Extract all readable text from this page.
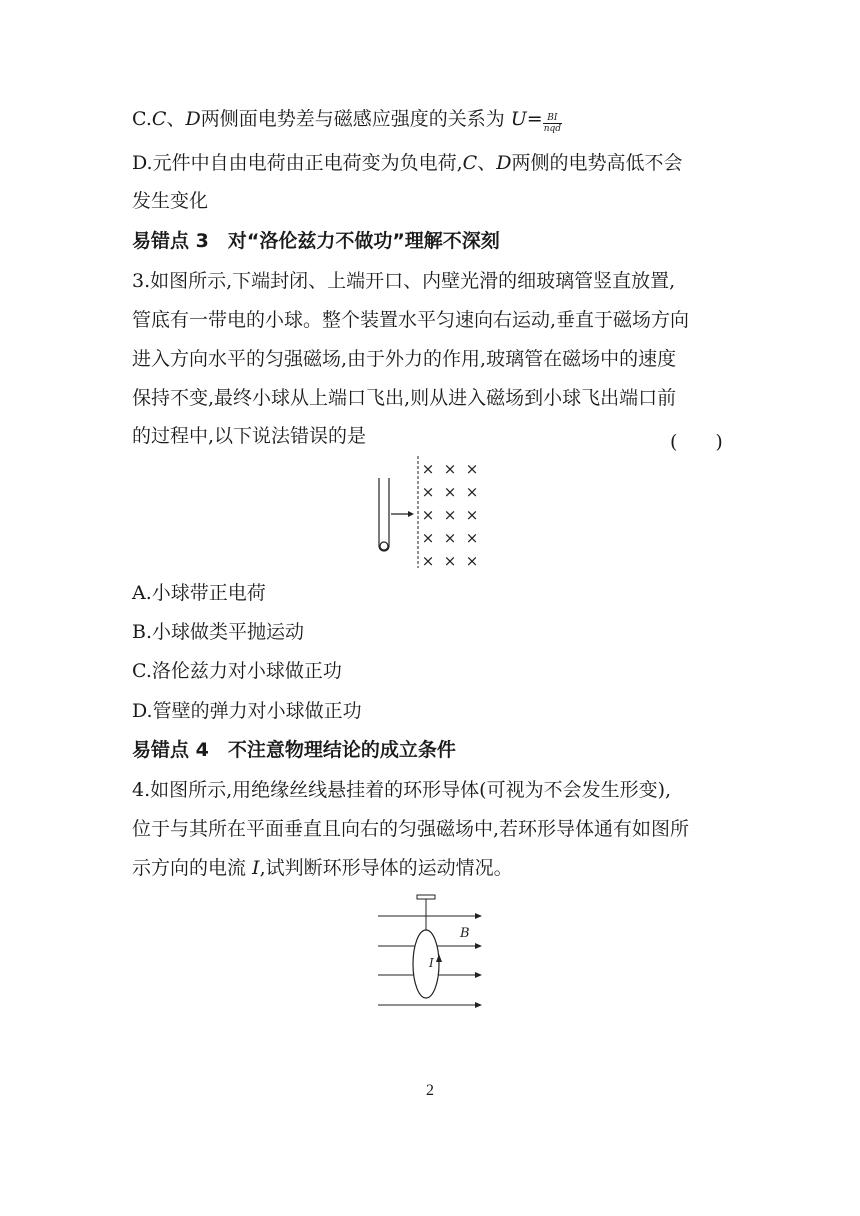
C.C、D两侧面电势差与磁感应强度的关系为 $U= \frac{BI}{\text{nqd}}$
D.元件中自由电荷由正电荷变为负电荷,C、D两侧的电势高低不会
发生变化
易错点 3　对“洛伦兹力不做功”理解不深刻
3.如图所示,下端封闭、上端开口、内壁光滑的细玻璃管竖直放置,
管底有一带电的小球。整个装置水平匀速向右运动,垂直于磁场方向
进入方向水平的匀强磁场,由于外力的作用,玻璃管在磁场中的速度
保持不变,最终小球从上端口飞出,则从进入磁场到小球飞出端口前
的过程中,以下说法错误的是	(　　)
× × ×
× × ×
× × ×
× × ×
× × ×
A.小球带正电荷
B.小球做类平抛运动
C.洛伦兹力对小球做正功
D.管壁的弹力对小球做正功
易错点 4　不注意物理结论的成立条件
4.如图所示,用绝缘丝线悬挂着的环形导体(可视为不会发生形变),
位于与其所在平面垂直且向右的匀强磁场中,若环形导体通有如图所
示方向的电流 I,试判断环形导体的运动情况。
B
I
2
